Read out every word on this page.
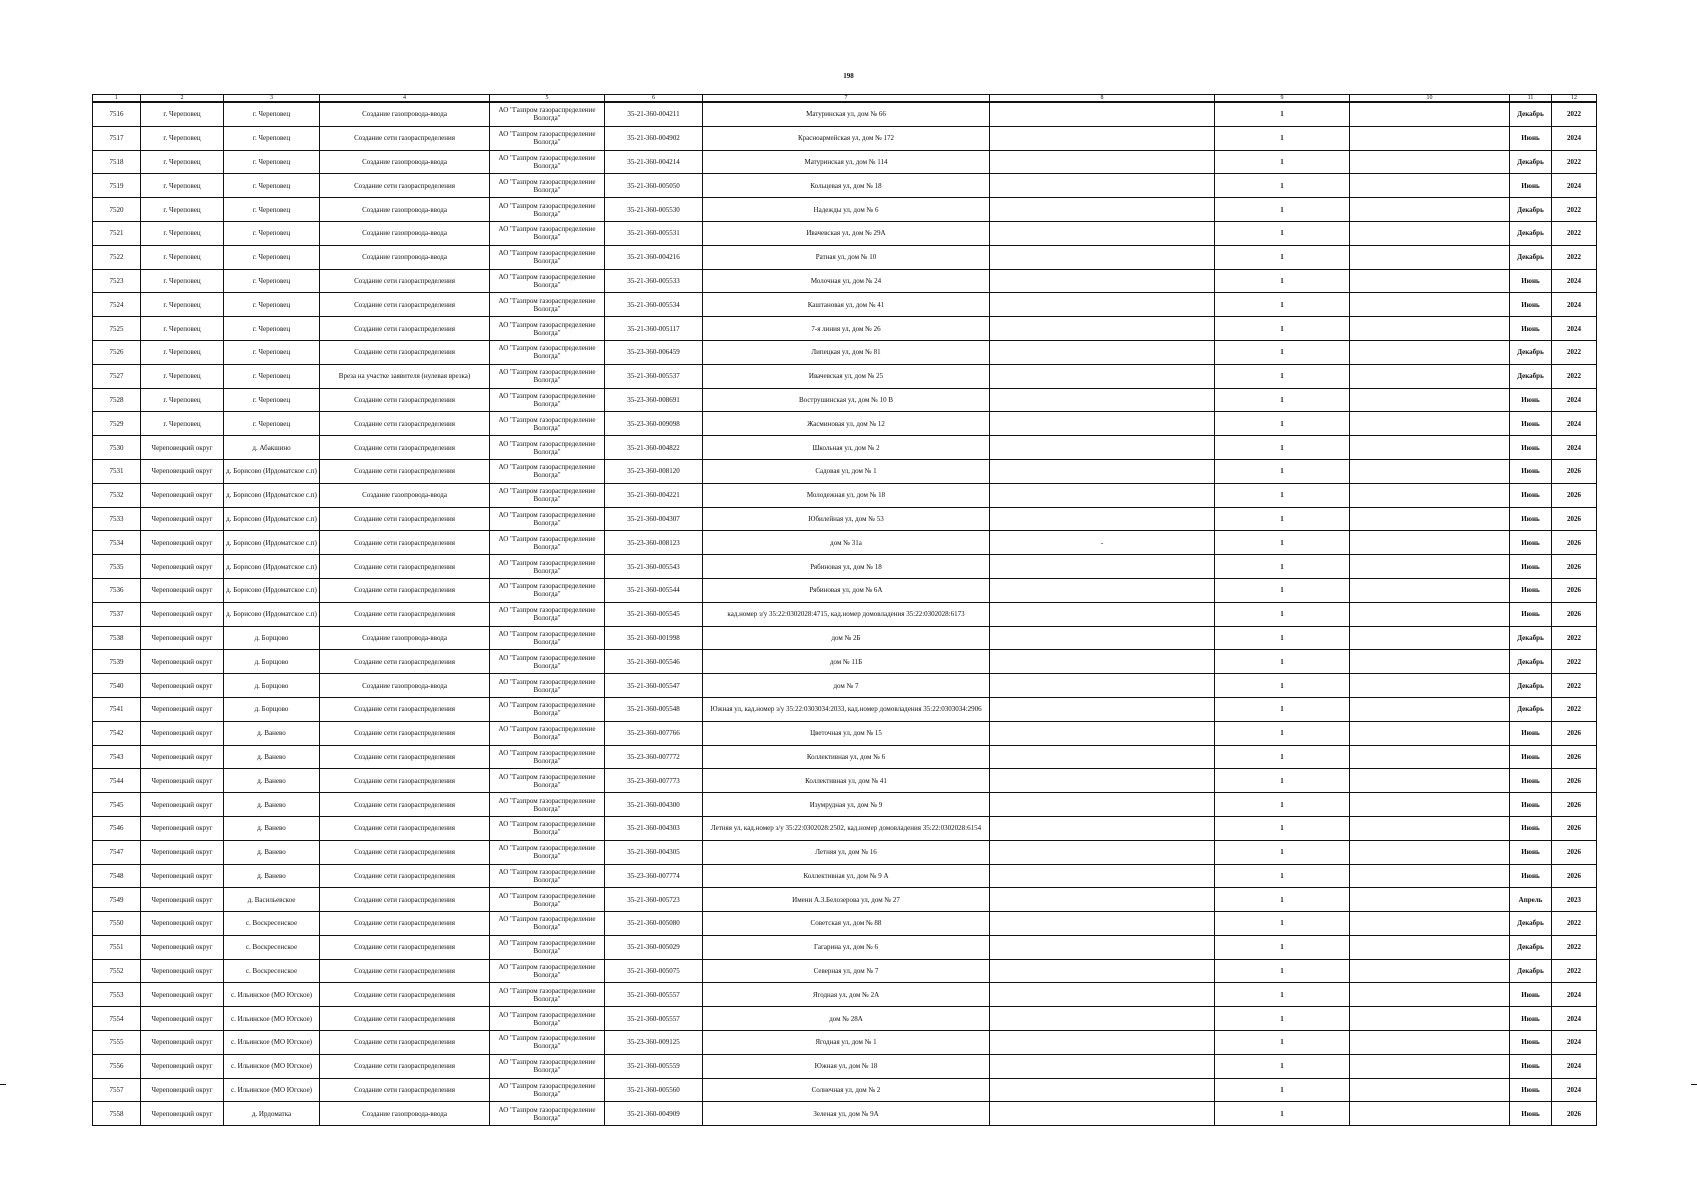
198
1	2	3	4	5	6	7	8	9	10	11	12
7516	г. Череповец	г. Череповец	Создание газопровода-ввода	АО "Газпром газораспределение Вологда"	35-21-360-004211	Матуринская ул, дом № 66		1		Декабрь	2022
7517	г. Череповец	г. Череповец	Создание сети газораспределения	АО "Газпром газораспределение Вологда"	35-21-360-004902	Красноармейская ул, дом № 172		1		Июнь	2024
7518	г. Череповец	г. Череповец	Создание газопровода-ввода	АО "Газпром газораспределение Вологда"	35-21-360-004214	Матуринская ул, дом № 114		1		Декабрь	2022
7519	г. Череповец	г. Череповец	Создание сети газораспределения	АО "Газпром газораспределение Вологда"	35-21-360-005050	Кольцевая ул, дом № 18		1		Июнь	2024
7520	г. Череповец	г. Череповец	Создание газопровода-ввода	АО "Газпром газораспределение Вологда"	35-21-360-005530	Надежды ул, дом № 6		1		Декабрь	2022
7521	г. Череповец	г. Череповец	Создание газопровода-ввода	АО "Газпром газораспределение Вологда"	35-21-360-005531	Ивачевская ул, дом № 29А		1		Декабрь	2022
7522	г. Череповец	г. Череповец	Создание газопровода-ввода	АО "Газпром газораспределение Вологда"	35-21-360-004216	Ратная ул, дом № 10		1		Декабрь	2022
7523	г. Череповец	г. Череповец	Создание сети газораспределения	АО "Газпром газораспределение Вологда"	35-21-360-005533	Молочная ул, дом № 24		1		Июнь	2024
7524	г. Череповец	г. Череповец	Создание сети газораспределения	АО "Газпром газораспределение Вологда"	35-21-360-005534	Каштановая ул, дом № 41		1		Июнь	2024
7525	г. Череповец	г. Череповец	Создание сети газораспределения	АО "Газпром газораспределение Вологда"	35-21-360-005117	7-я линия ул, дом № 26		1		Июнь	2024
7526	г. Череповец	г. Череповец	Создание сети газораспределения	АО "Газпром газораспределение Вологда"	35-23-360-006459	Липецкая ул, дом № 81		1		Декабрь	2022
7527	г. Череповец	г. Череповец	Вреза на участке заявителя (нулевая врезка)	АО "Газпром газораспределение Вологда"	35-21-360-005537	Ивачевская ул, дом № 25		1		Декабрь	2022
7528	г. Череповец	г. Череповец	Создание сети газораспределения	АО "Газпром газораспределение Вологда"	35-23-360-008691	Вострушинская ул, дом № 10 В		1		Июнь	2024
7529	г. Череповец	г. Череповец	Создание сети газораспределения	АО "Газпром газораспределение Вологда"	35-23-360-009098	Жасминовая ул, дом № 12		1		Июнь	2024
7530	Череповецкий округ	д. Абакшино	Создание сети газораспределения	АО "Газпром газораспределение Вологда"	35-21-360-004822	Школьная ул, дом № 2		1		Июнь	2024
7531	Череповецкий округ	д. Борисово (Ирдоматское с.п)	Создание сети газораспределения	АО "Газпром газораспределение Вологда"	35-23-360-008120	Садовая ул, дом № 1		1		Июнь	2026
7532	Череповецкий округ	д. Борисово (Ирдоматское с.п)	Создание газопровода-ввода	АО "Газпром газораспределение Вологда"	35-21-360-004221	Молодежная ул, дом № 18		1		Июнь	2026
7533	Череповецкий округ	д. Борисово (Ирдоматское с.п)	Создание сети газораспределения	АО "Газпром газораспределение Вологда"	35-21-360-004307	Юбилейная ул, дом № 53		1		Июнь	2026
7534	Череповецкий округ	д. Борисово (Ирдоматское с.п)	Создание сети газораспределения	АО "Газпром газораспределение Вологда"	35-23-360-008123	дом № 31а	-	1		Июнь	2026
7535	Череповецкий округ	д. Борисово (Ирдоматское с.п)	Создание сети газораспределения	АО "Газпром газораспределение Вологда"	35-21-360-005543	Рябиновая ул, дом № 18		1		Июнь	2026
7536	Череповецкий округ	д. Борисово (Ирдоматское с.п)	Создание сети газораспределения	АО "Газпром газораспределение Вологда"	35-21-360-005544	Рябиновая ул, дом № 6А		1		Июнь	2026
7537	Череповецкий округ	д. Борисово (Ирдоматское с.п)	Создание сети газораспределения	АО "Газпром газораспределение Вологда"	35-21-360-005545	кад.номер з/у 35:22:0302028:4715, кад.номер домовладения 35:22:0302028:6173		1		Июнь	2026
7538	Череповецкий округ	д. Борщово	Создание газопровода-ввода	АО "Газпром газораспределение Вологда"	35-21-360-001998	дом № 2Б		1		Декабрь	2022
7539	Череповецкий округ	д. Борщово	Создание сети газораспределения	АО "Газпром газораспределение Вологда"	35-21-360-005546	дом № 11Б		1		Декабрь	2022
7540	Череповецкий округ	д. Борщово	Создание газопровода-ввода	АО "Газпром газораспределение Вологда"	35-21-360-005547	дом № 7		1		Декабрь	2022
7541	Череповецкий округ	д. Борщово	Создание сети газораспределения	АО "Газпром газораспределение Вологда"	35-21-360-005548	Южная ул, кад.номер з/у 35:22:0303034:2033, кад.номер домовладения 35:22:0303034:2906		1		Декабрь	2022
7542	Череповецкий округ	д. Ванево	Создание сети газораспределения	АО "Газпром газораспределение Вологда"	35-23-360-007766	Цветочная ул, дом № 15		1		Июнь	2026
7543	Череповецкий округ	д. Ванево	Создание сети газораспределения	АО "Газпром газораспределение Вологда"	35-23-360-007772	Коллективная ул, дом № 6		1		Июнь	2026
7544	Череповецкий округ	д. Ванево	Создание сети газораспределения	АО "Газпром газораспределение Вологда"	35-23-360-007773	Коллективная ул, дом № 41		1		Июнь	2026
7545	Череповецкий округ	д. Ванево	Создание сети газораспределения	АО "Газпром газораспределение Вологда"	35-21-360-004300	Изумрудная ул, дом № 9		1		Июнь	2026
7546	Череповецкий округ	д. Ванево	Создание сети газораспределения	АО "Газпром газораспределение Вологда"	35-21-360-004303	Летняя ул, кад.номер з/у 35:22:0302028:2502, кад.номер домовладения 35:22:0302028:6154		1		Июнь	2026
7547	Череповецкий округ	д. Ванево	Создание сети газораспределения	АО "Газпром газораспределение Вологда"	35-21-360-004305	Летняя ул, дом № 16		1		Июнь	2026
7548	Череповецкий округ	д. Ванево	Создание сети газораспределения	АО "Газпром газораспределение Вологда"	35-23-360-007774	Коллективная ул, дом № 9 А		1		Июнь	2026
7549	Череповецкий округ	д. Васильевское	Создание сети газораспределения	АО "Газпром газораспределение Вологда"	35-21-360-005723	Имени А.З.Белозерова ул, дом № 27		1		Апрель	2023
7550	Череповецкий округ	с. Воскресенское	Создание сети газораспределения	АО "Газпром газораспределение Вологда"	35-21-360-005080	Советская ул, дом № 88		1		Декабрь	2022
7551	Череповецкий округ	с. Воскресенское	Создание сети газораспределения	АО "Газпром газораспределение Вологда"	35-21-360-005029	Гагарина ул, дом № 6		1		Декабрь	2022
7552	Череповецкий округ	с. Воскресенское	Создание сети газораспределения	АО "Газпром газораспределение Вологда"	35-21-360-005075	Северная ул, дом № 7		1		Декабрь	2022
7553	Череповецкий округ	с. Ильинское (МО Югское)	Создание сети газораспределения	АО "Газпром газораспределение Вологда"	35-21-360-005557	Ягодная ул, дом № 2А		1		Июнь	2024
7554	Череповецкий округ	с. Ильинское (МО Югское)	Создание сети газораспределения	АО "Газпром газораспределение Вологда"	35-21-360-005557	дом № 28А		1		Июнь	2024
7555	Череповецкий округ	с. Ильинское (МО Югское)	Создание сети газораспределения	АО "Газпром газораспределение Вологда"	35-23-360-009125	Ягодная ул, дом № 1		1		Июнь	2024
7556	Череповецкий округ	с. Ильинское (МО Югское)	Создание сети газораспределения	АО "Газпром газораспределение Вологда"	35-21-360-005559	Южная ул, дом № 18		1		Июнь	2024
7557	Череповецкий округ	с. Ильинское (МО Югское)	Создание сети газораспределения	АО "Газпром газораспределение Вологда"	35-21-360-005560	Солнечная ул, дом № 2		1		Июнь	2024
7558	Череповецкий округ	д. Ирдоматка	Создание газопровода-ввода	АО "Газпром газораспределение Вологда"	35-21-360-004909	Зеленая ул, дом № 9А		1		Июнь	2026
